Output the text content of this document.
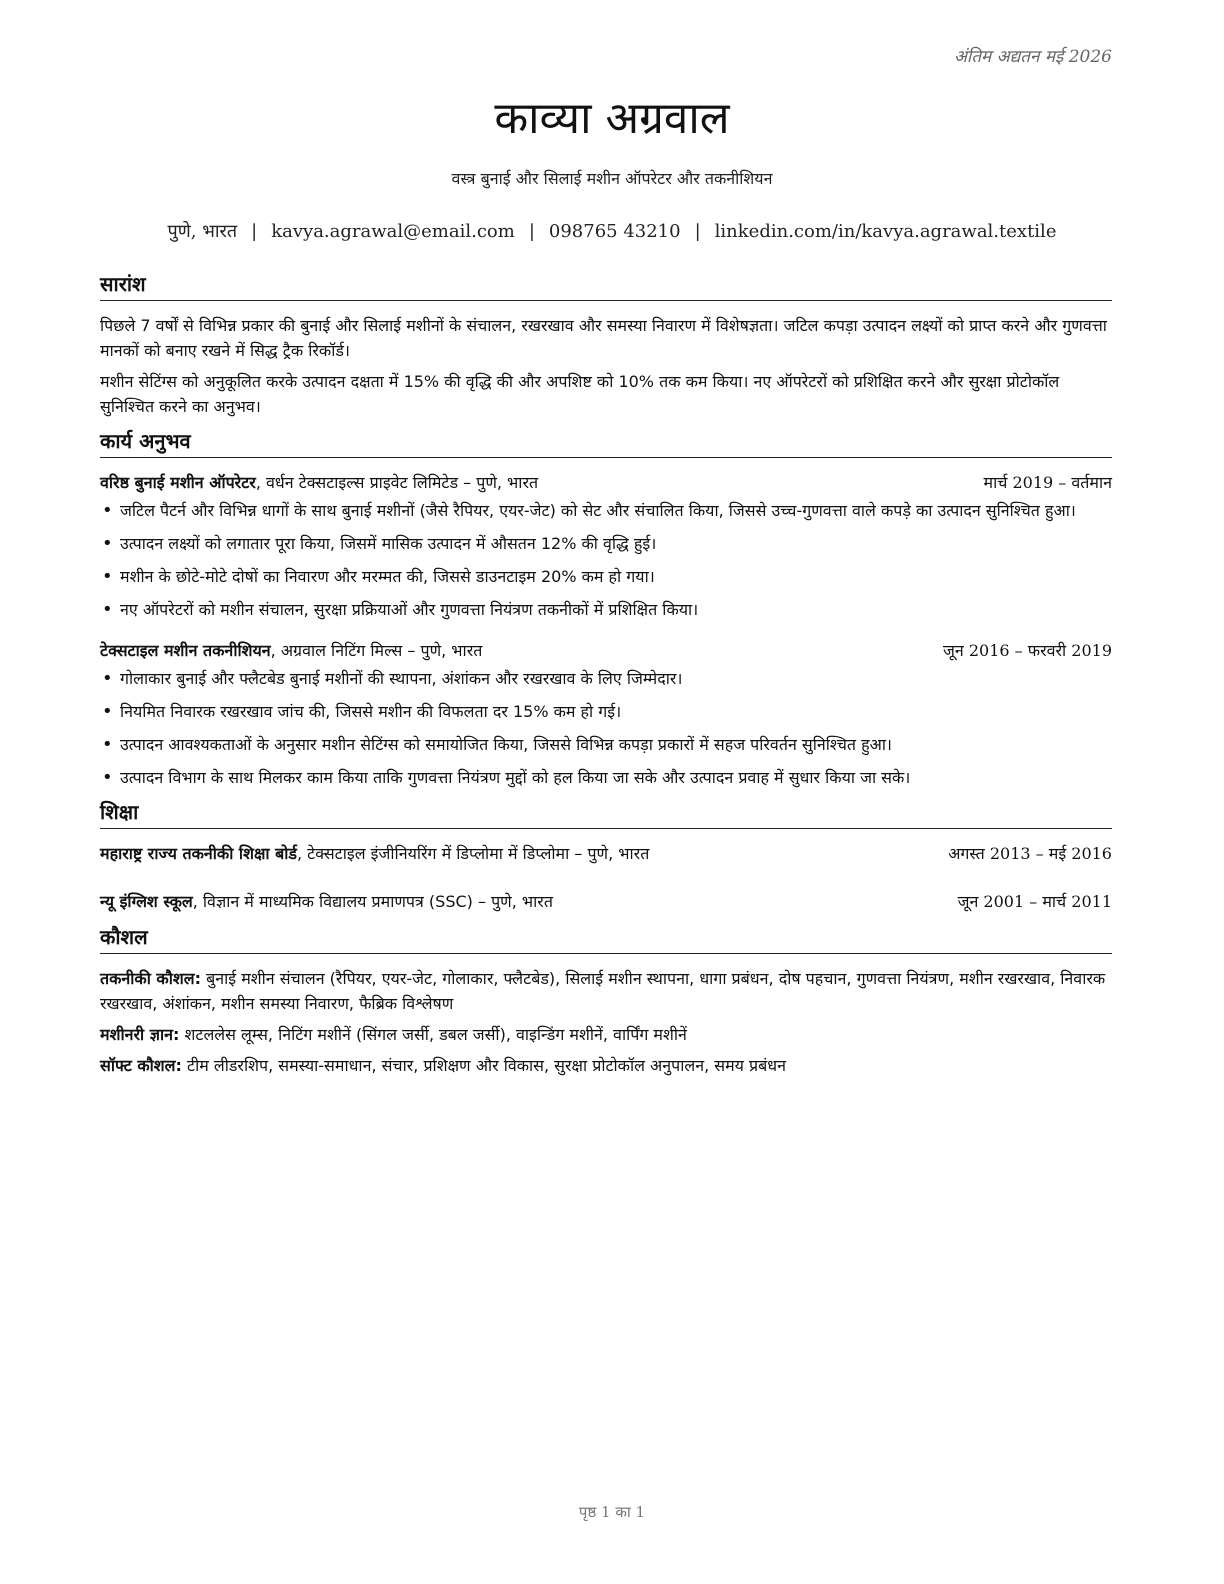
अंतिम अद्यतन मई 2026
काव्या अग्रवाल
वस्त्र बुनाई और सिलाई मशीन ऑपरेटर और तकनीशियन
पुणे, भारत | kavya.agrawal@email.com | 098765 43210 | linkedin.com/in/kavya.agrawal.textile
सारांश

पिछले 7 वर्षों से विभिन्न प्रकार की बुनाई और सिलाई मशीनों के संचालन, रखरखाव और समस्या निवारण में विशेषज्ञता। जटिल कपड़ा उत्पादन लक्ष्यों को प्राप्त करने और गुणवत्ता मानकों को बनाए रखने में सिद्ध ट्रैक रिकॉर्ड।

मशीन सेटिंग्स को अनुकूलित करके उत्पादन दक्षता में 15% की वृद्धि की और अपशिष्ट को 10% तक कम किया। नए ऑपरेटरों को प्रशिक्षित करने और सुरक्षा प्रोटोकॉल सुनिश्चित करने का अनुभव।

कार्य अनुभव
वरिष्ठ बुनाई मशीन ऑपरेटर, वर्धन टेक्सटाइल्स प्राइवेट लिमिटेड – पुणे, भारत	मार्च 2019 – वर्तमान
• जटिल पैटर्न और विभिन्न धागों के साथ बुनाई मशीनों (जैसे रैपियर, एयर-जेट) को सेट और संचालित किया, जिससे उच्च-गुणवत्ता वाले कपड़े का उत्पादन सुनिश्चित हुआ।
• उत्पादन लक्ष्यों को लगातार पूरा किया, जिसमें मासिक उत्पादन में औसतन 12% की वृद्धि हुई।
• मशीन के छोटे-मोटे दोषों का निवारण और मरम्मत की, जिससे डाउनटाइम 20% कम हो गया।
• नए ऑपरेटरों को मशीन संचालन, सुरक्षा प्रक्रियाओं और गुणवत्ता नियंत्रण तकनीकों में प्रशिक्षित किया।
टेक्सटाइल मशीन तकनीशियन, अग्रवाल निटिंग मिल्स – पुणे, भारत	जून 2016 – फरवरी 2019
• गोलाकार बुनाई और फ्लैटबेड बुनाई मशीनों की स्थापना, अंशांकन और रखरखाव के लिए जिम्मेदार।
• नियमित निवारक रखरखाव जांच की, जिससे मशीन की विफलता दर 15% कम हो गई।
• उत्पादन आवश्यकताओं के अनुसार मशीन सेटिंग्स को समायोजित किया, जिससे विभिन्न कपड़ा प्रकारों में सहज परिवर्तन सुनिश्चित हुआ।
• उत्पादन विभाग के साथ मिलकर काम किया ताकि गुणवत्ता नियंत्रण मुद्दों को हल किया जा सके और उत्पादन प्रवाह में सुधार किया जा सके।
शिक्षा
महाराष्ट्र राज्य तकनीकी शिक्षा बोर्ड, टेक्सटाइल इंजीनियरिंग में डिप्लोमा में डिप्लोमा – पुणे, भारत	अगस्त 2013 – मई 2016
न्यू इंग्लिश स्कूल, विज्ञान में माध्यमिक विद्यालय प्रमाणपत्र (SSC) – पुणे, भारत	जून 2001 – मार्च 2011
कौशल
तकनीकी कौशल: बुनाई मशीन संचालन (रैपियर, एयर-जेट, गोलाकार, फ्लैटबेड), सिलाई मशीन स्थापना, धागा प्रबंधन, दोष पहचान, गुणवत्ता नियंत्रण, मशीन रखरखाव, निवारक रखरखाव, अंशांकन, मशीन समस्या निवारण, फैब्रिक विश्लेषण
मशीनरी ज्ञान: शटललेस लूम्स, निटिंग मशीनें (सिंगल जर्सी, डबल जर्सी), वाइन्डिंग मशीनें, वार्पिंग मशीनें
सॉफ्ट कौशल: टीम लीडरशिप, समस्या-समाधान, संचार, प्रशिक्षण और विकास, सुरक्षा प्रोटोकॉल अनुपालन, समय प्रबंधन
पृष्ठ 1 का 1
